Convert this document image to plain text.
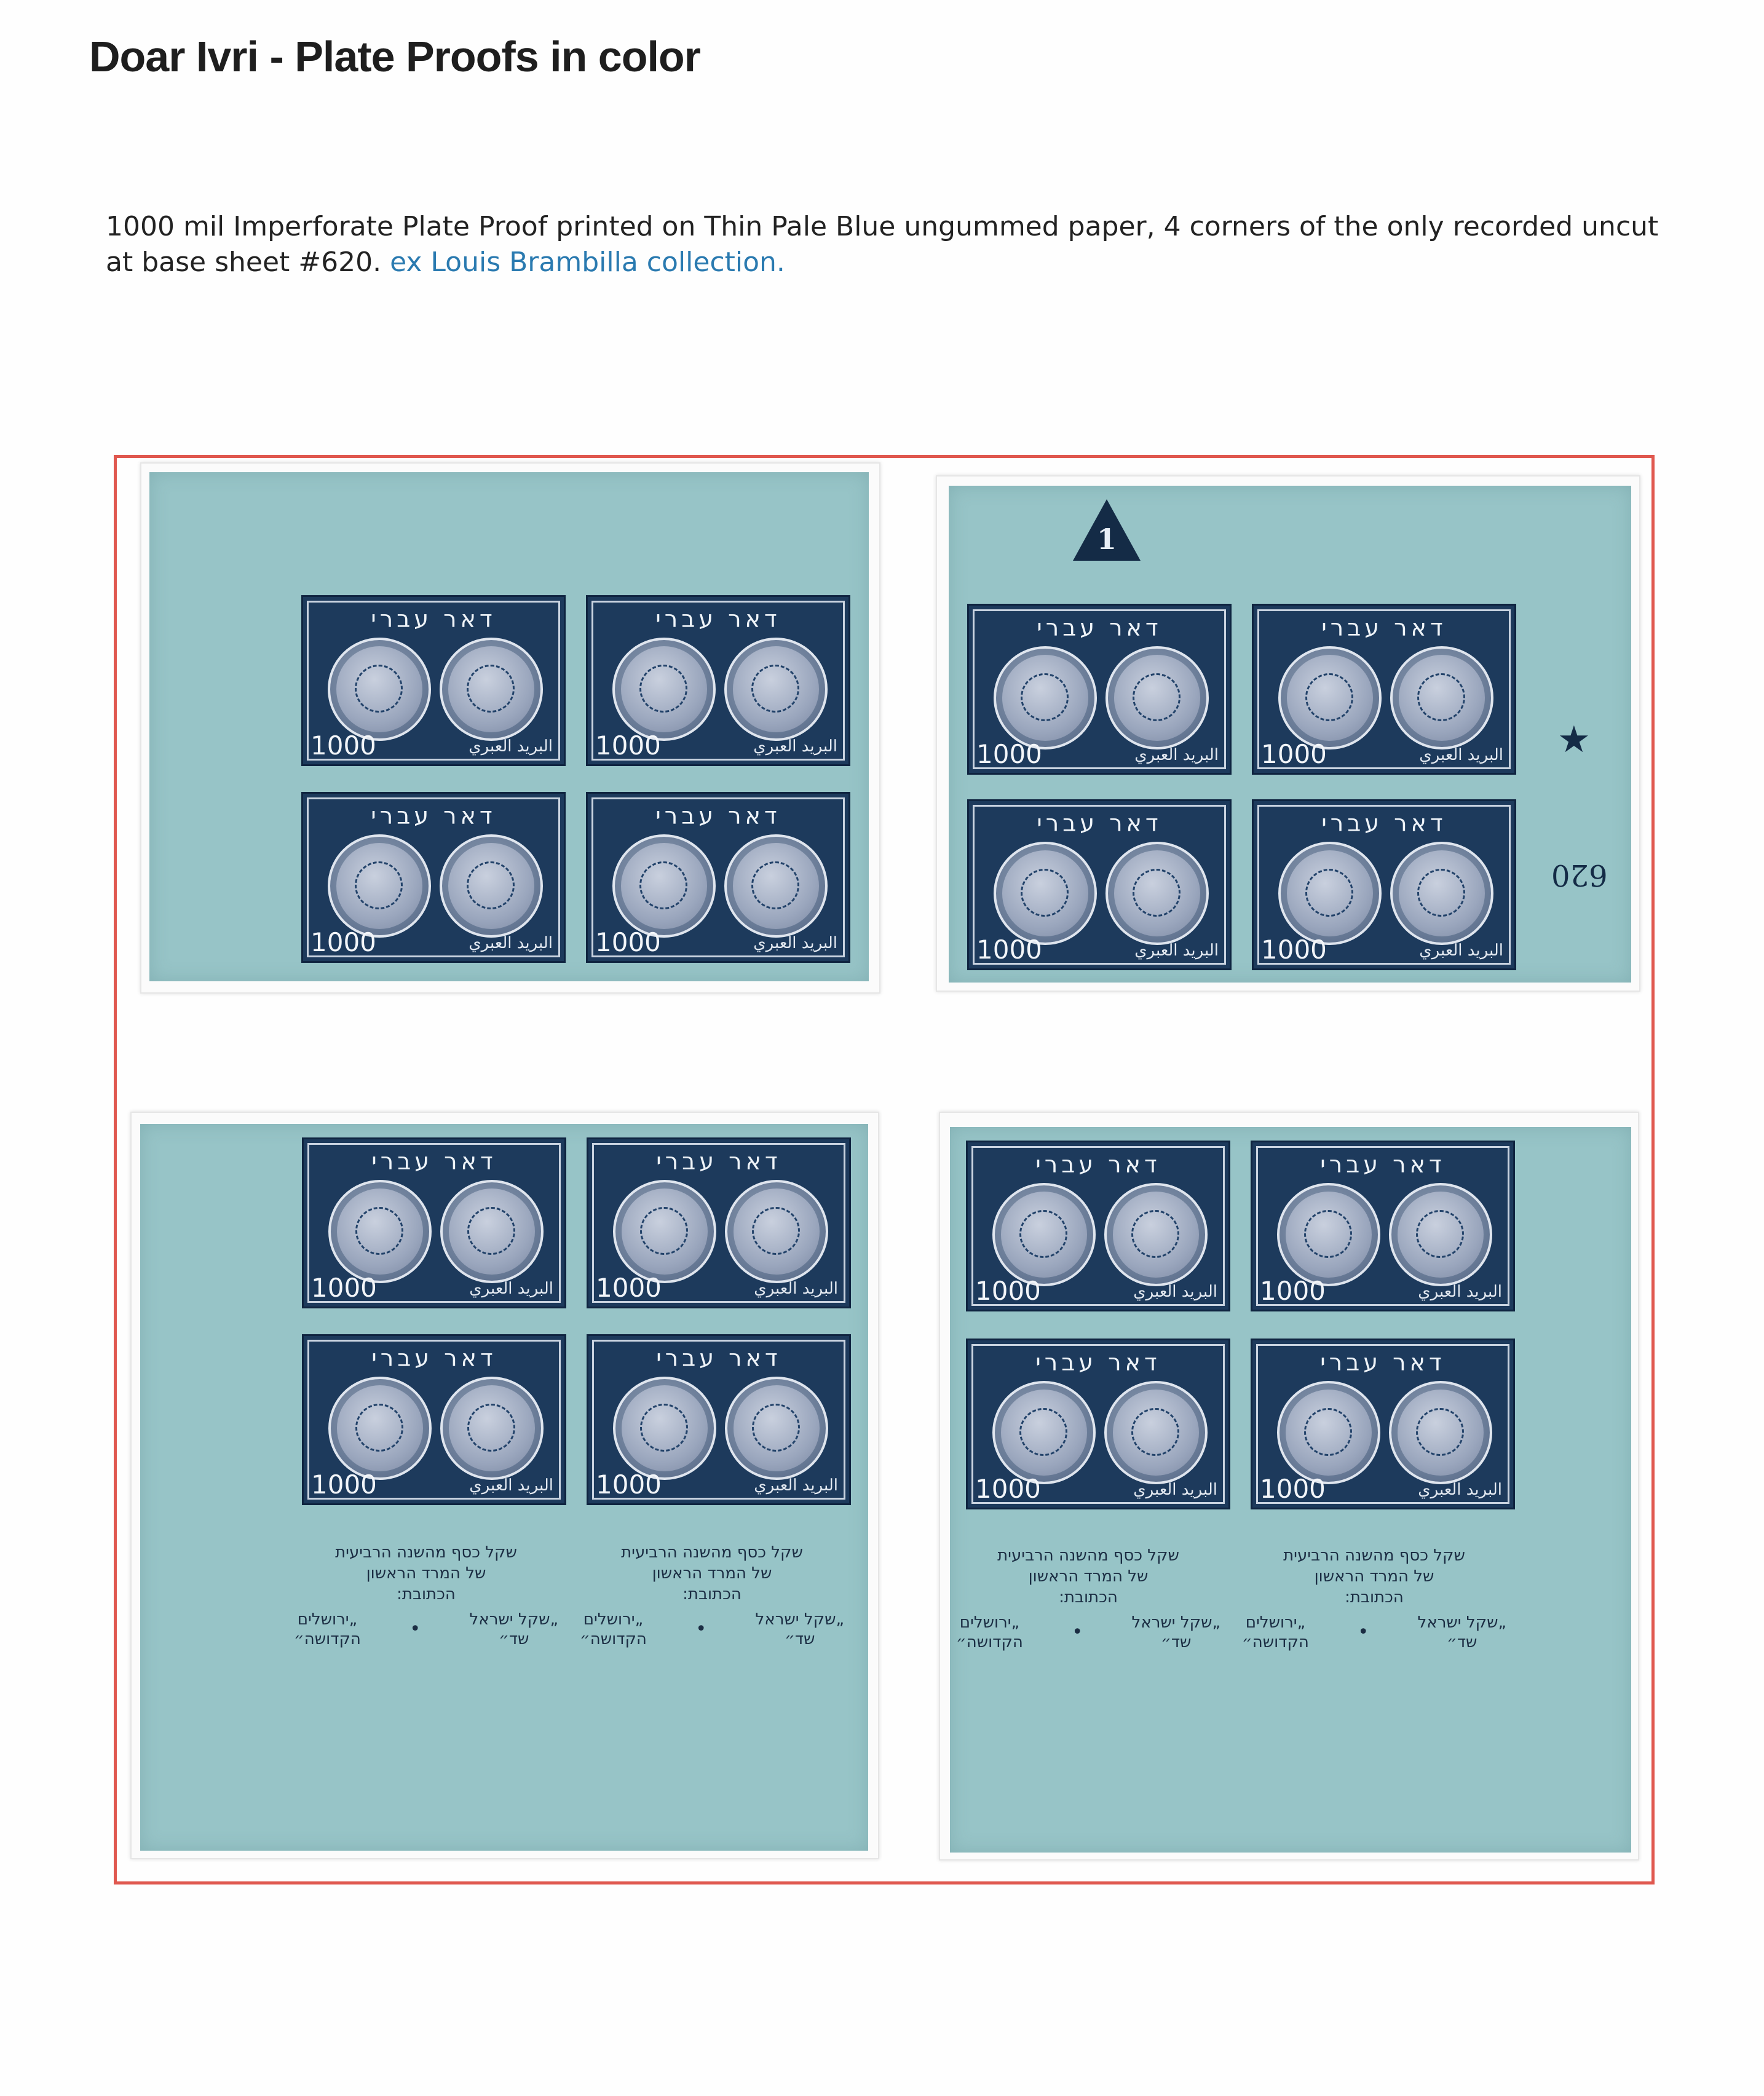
Doar Ivri - Plate Proofs in color
1000 mil Imperforate Plate Proof printed on Thin Pale Blue ungummed paper, 4 corners of the only recorded uncut at base sheet #620. ex Louis Brambilla collection.
דאר עברי
1000	البريد العبري
דאר עברי
1000	البريد العبري
דאר עברי
1000	البريد العبري
דאר עברי
1000	البريد العبري
1
דאר עברי
1000	البريد العبري
דאר עברי
1000	البريد العبري
דאר עברי
1000	البريد العبري
דאר עברי
1000	البريد العبري
★
620
דאר עברי
1000	البريد العبري
דאר עברי
1000	البريد العبري
דאר עברי
1000	البريد العبري
דאר עברי
1000	البريد العبري
שקל כסף מהשנה הרביעית
של המרד הראשון
הכתובת:
„שקל ישראל
שד״
•
„ירושלים
הקדושה״
שקל כסף מהשנה הרביעית
של המרד הראשון
הכתובת:
„שקל ישראל
שד״
•
„ירושלים
הקדושה״
דאר עברי
1000	البريد العبري
דאר עברי
1000	البريد العبري
דאר עברי
1000	البريد العبري
דאר עברי
1000	البريد العبري
שקל כסף מהשנה הרביעית
של המרד הראשון
הכתובת:
„שקל ישראל
שד״
•
„ירושלים
הקדושה״
שקל כסף מהשנה הרביעית
של המרד הראשון
הכתובת:
„שקל ישראל
שד״
•
„ירושלים
הקדושה״
